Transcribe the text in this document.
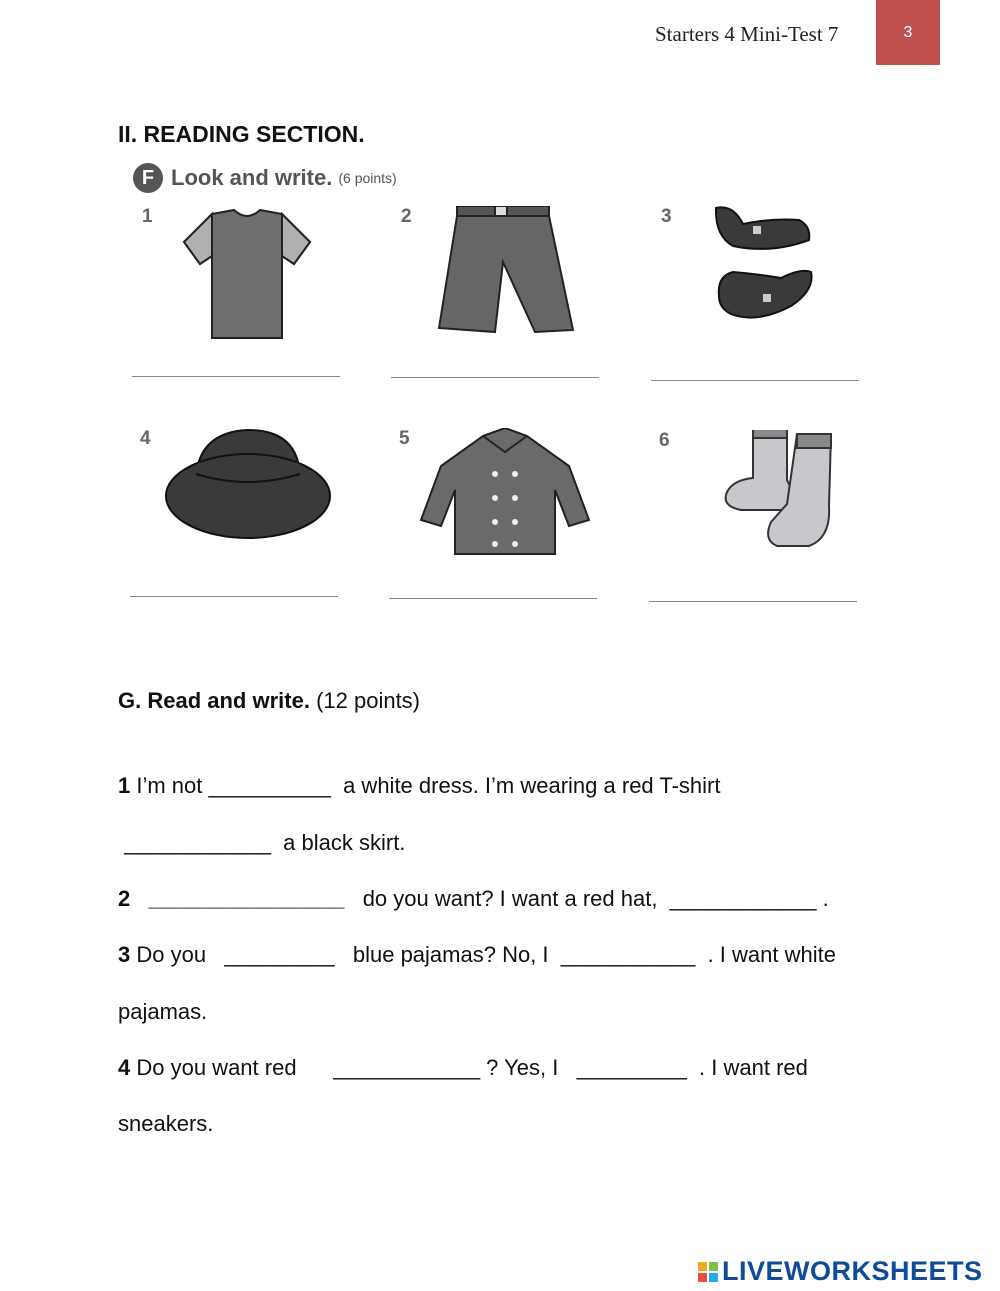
Starters 4 Mini-Test 7	3
II. READING SECTION.
F Look and write. (6 points)
1	2	3
4	5	6
G. Read and write. (12 points)
1 I’m not __________  a white dress. I’m wearing a red T-shirt
____________  a black skirt.
2 ________________   do you want? I want a red hat,  ____________ .
3 Do you   _________   blue pajamas? No, I  ___________  . I want white
pajamas.
4 Do you want red      ____________ ? Yes, I   _________  . I want red
sneakers.
LIVEWORKSHEETS
